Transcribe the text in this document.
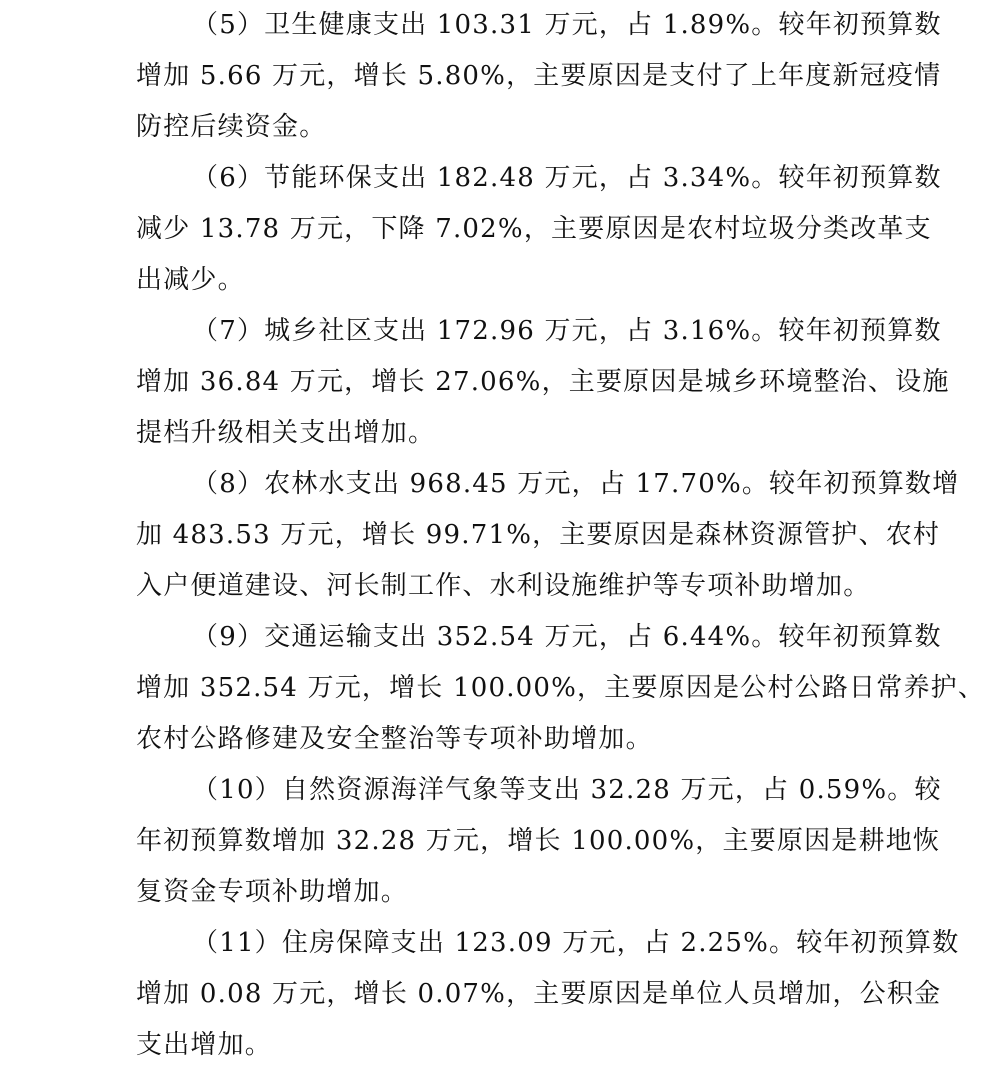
（5）卫生健康支出 103.31 万元，占 1.89%。较年初预算数
增加 5.66 万元，增长 5.80%，主要原因是支付了上年度新冠疫情
防控后续资金。
（6）节能环保支出 182.48 万元，占 3.34%。较年初预算数
减少 13.78 万元，下降 7.02%，主要原因是农村垃圾分类改革支
出减少。
（7）城乡社区支出 172.96 万元，占 3.16%。较年初预算数
增加 36.84 万元，增长 27.06%，主要原因是城乡环境整治、设施
提档升级相关支出增加。
（8）农林水支出 968.45 万元，占 17.70%。较年初预算数增
加 483.53 万元，增长 99.71%，主要原因是森林资源管护、农村
入户便道建设、河长制工作、水利设施维护等专项补助增加。
（9）交通运输支出 352.54 万元，占 6.44%。较年初预算数
增加 352.54 万元，增长 100.00%，主要原因是公村公路日常养护、
农村公路修建及安全整治等专项补助增加。
（10）自然资源海洋气象等支出 32.28 万元，占 0.59%。较
年初预算数增加 32.28 万元，增长 100.00%，主要原因是耕地恢
复资金专项补助增加。
（11）住房保障支出 123.09 万元，占 2.25%。较年初预算数
增加 0.08 万元，增长 0.07%，主要原因是单位人员增加，公积金
支出增加。
